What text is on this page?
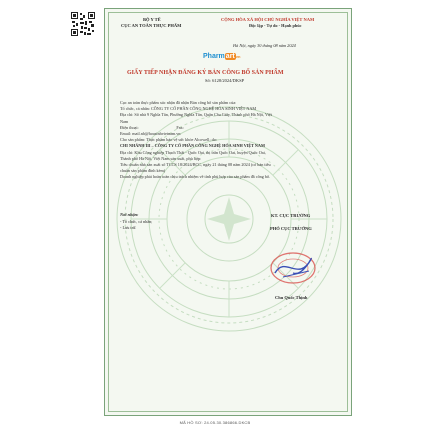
Pharmartvn
BỘ Y TẾ
CỤC AN TOÀN THỰC PHẨM
CỘNG HÒA XÃ HỘI CHỦ NGHĨA VIỆT NAM
Độc lập - Tự do - Hạnh phúc
Hà Nội, ngày 30 tháng 08 năm 2024
GIẤY TIẾP NHẬN ĐĂNG KÝ BẢN CÔNG BỐ SẢN PHẨM
Số: 6128/2024/DKSP
Cục an toàn thực phẩm xác nhận đã nhận Bản công bố sản phẩm của:
Tổ chức, cá nhân: CÔNG TY CỔ PHẦN CÔNG NGHỆ HÓA SINH VIỆT NAM
Địa chỉ: Số nhà 9 Nghĩa Tân, Phường Nghĩa Tân, Quận Cầu Giấy, Thành phố Hà Nội, Việt
Nam
Điện thoại:                                    Fax:
Email: mail.nh@hoasinhvietnam.vn
Cho sản phẩm: Thực phẩm bảo vệ sức khỏe Alcowell; do:
CHI NHÁNH III – CÔNG TY CỔ PHẦN CÔNG NGHỆ HÓA SINH VIỆT NAM
Địa chỉ: Khu Công nghiệp Thạch Thất - Quốc Oai, thị trấn Quốc Oai, huyện Quốc Oai,
Thành phố Hà Nội, Việt Nam sản xuất, phù hợp:
Tiêu chuẩn nhà sản xuất số TCCS 18/2024/BCC, ngày 21 tháng 08 năm 2024 (có bản tiêu
chuẩn sản phẩm đính kèm)
Doanh nghiệp phải hoàn toàn chịu trách nhiệm về tính phù hợp của sản phẩm đã công bố.
Nơi nhận:
- Tổ chức, cá nhân;
- Lưu trữ.
KT. CỤC TRƯỞNG
PHÓ CỤC TRƯỞNG
Chu Quốc Thịnh
MÃ HỒ SƠ: 24.05.30.386866.DKCB
